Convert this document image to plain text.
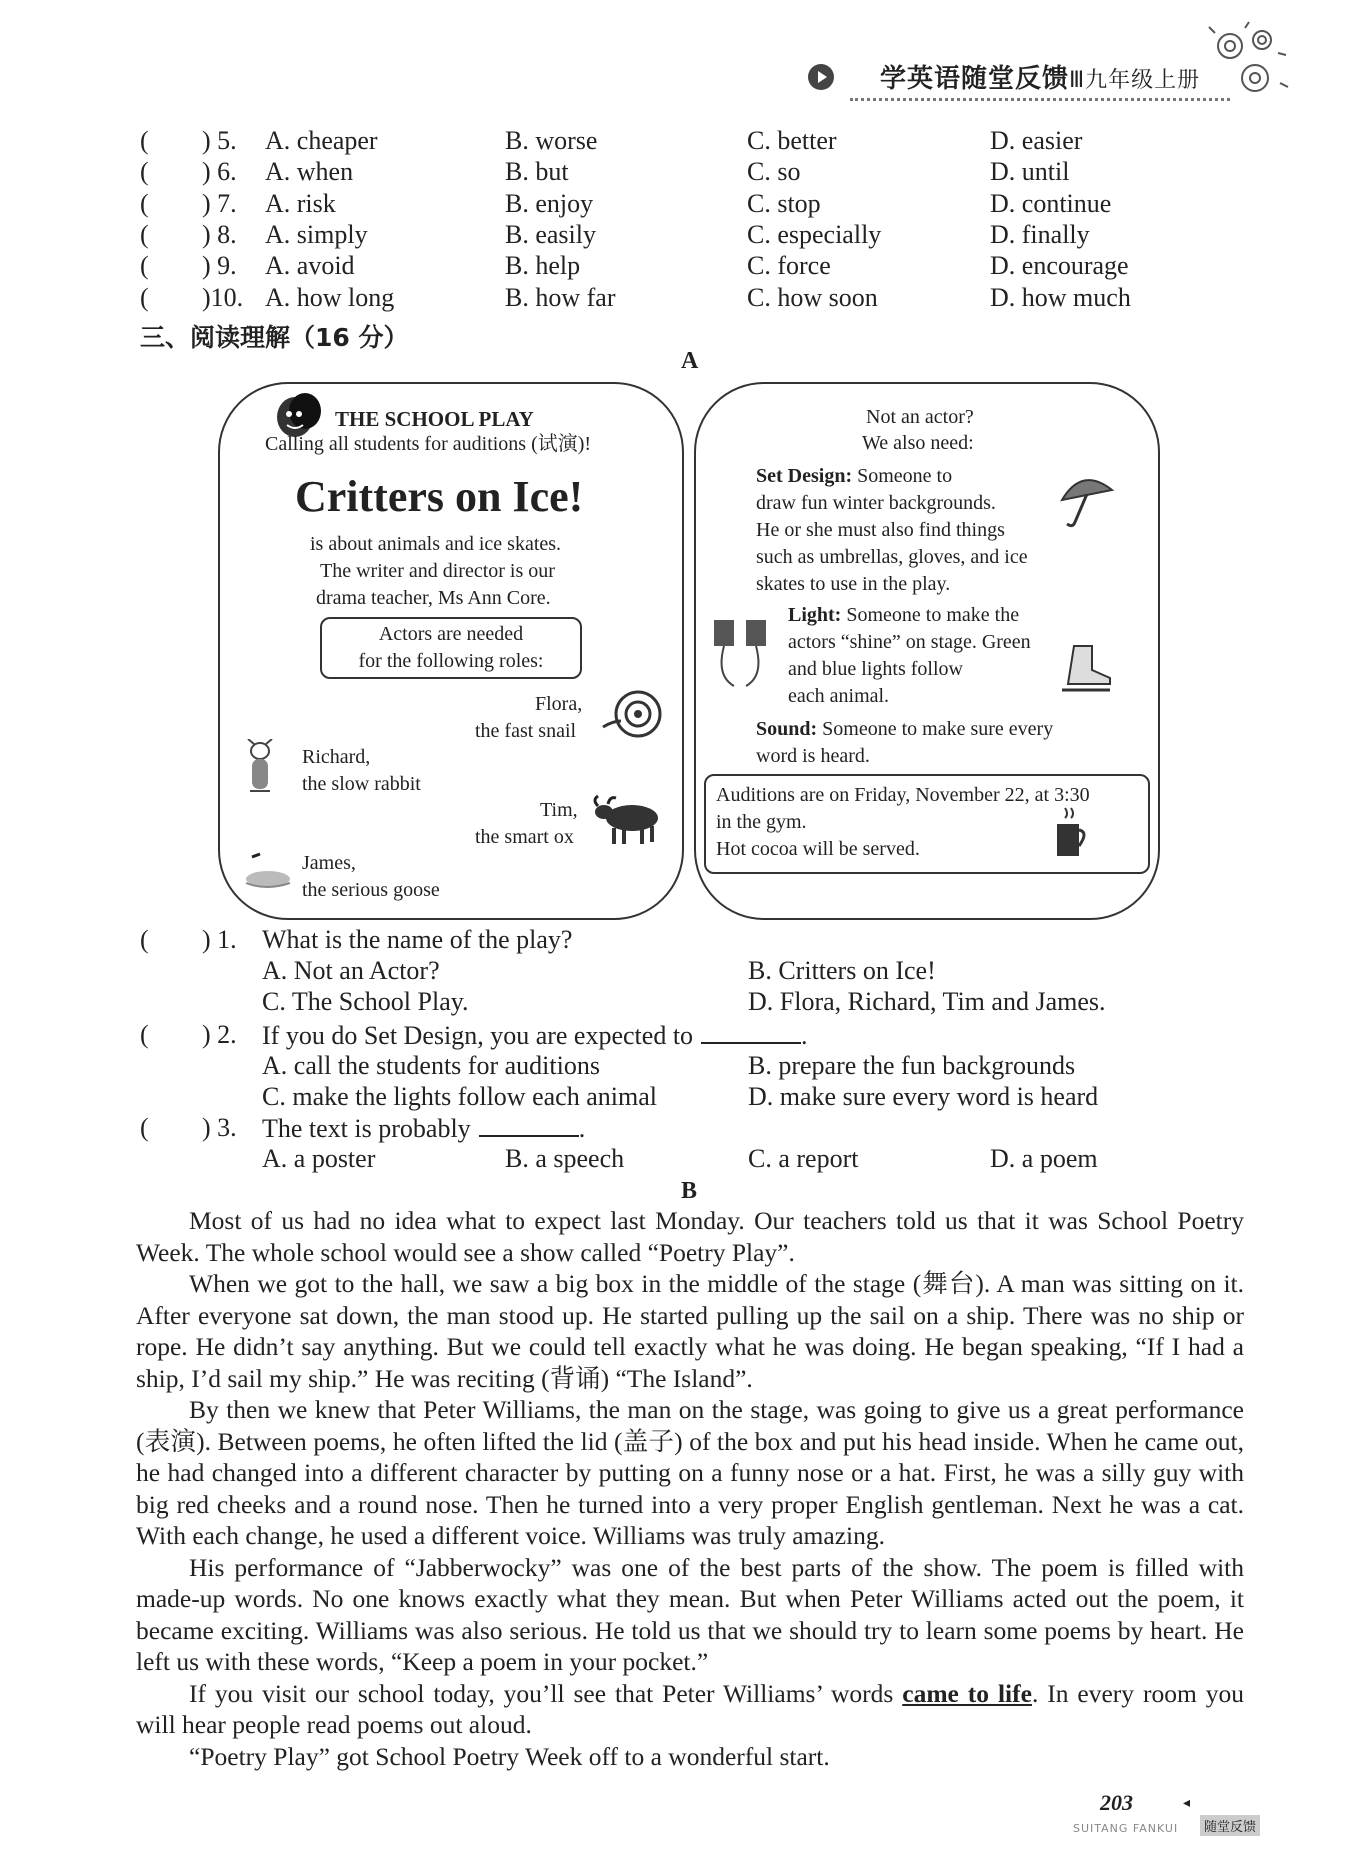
学英语随堂反馈Ⅲ九年级上册
( ) 5. A. cheaper	B. worse	C. better	D. easier
( ) 6. A. when	B. but	C. so	D. until
( ) 7. A. risk	B. enjoy	C. stop	D. continue
( ) 8. A. simply	B. easily	C. especially	D. finally
( ) 9. A. avoid	B. help	C. force	D. encourage
( )10. A. how long	B. how far	C. how soon	D. how much
三、阅读理解（16 分）
A
THE SCHOOL PLAY
Calling all students for auditions (试演)!
Critters on Ice!
is about animals and ice skates.
The writer and director is our
drama teacher, Ms Ann Core.
Actors are needed
for the following roles:
Flora,
the fast snail
Richard,
the slow rabbit
Tim,
the smart ox
James,
the serious goose
Not an actor?
We also need:
Set Design: Someone to
draw fun winter backgrounds.
He or she must also find things
such as umbrellas, gloves, and ice
skates to use in the play.
Light: Someone to make the
actors “shine” on stage. Green
and blue lights follow
each animal.
Sound: Someone to make sure every
word is heard.
Auditions are on Friday, November 22, at 3:30
in the gym.
Hot cocoa will be served.
( ) 1. What is the name of the play?
A. Not an Actor?	B. Critters on Ice!
C. The School Play.	D. Flora, Richard, Tim and James.
( ) 2. If you do Set Design, you are expected to	.
A. call the students for auditions	B. prepare the fun backgrounds
C. make the lights follow each animal	D. make sure every word is heard
( ) 3. The text is probably	.
A. a poster	B. a speech	C. a report	D. a poem
B

Most of us had no idea what to expect last Monday. Our teachers told us that it was School Poetry Week. The whole school would see a show called “Poetry Play”.

When we got to the hall, we saw a big box in the middle of the stage (舞台). A man was sitting on it. After everyone sat down, the man stood up. He started pulling up the sail on a ship. There was no ship or rope. He didn’t say anything. But we could tell exactly what he was doing. He began speaking, “If I had a ship, I’d sail my ship.” He was reciting (背诵) “The Island”.

By then we knew that Peter Williams, the man on the stage, was going to give us a great performance (表演). Between poems, he often lifted the lid (盖子) of the box and put his head inside. When he came out, he had changed into a different character by putting on a funny nose or a hat. First, he was a silly guy with big red cheeks and a round nose. Then he turned into a very proper English gentleman. Next he was a cat. With each change, he used a different voice. Williams was truly amazing.

His performance of “Jabberwocky” was one of the best parts of the show. The poem is filled with made-up words. No one knows exactly what they mean. But when Peter Williams acted out the poem, it became exciting. Williams was also serious. He told us that we should try to learn some poems by heart. He left us with these words, “Keep a poem in your pocket.”

If you visit our school today, you’ll see that Peter Williams’ words came to life. In every room you will hear people read poems out aloud.

“Poetry Play” got School Poetry Week off to a wonderful start.

203	◂
SUITANG FANKUI	随堂反馈
